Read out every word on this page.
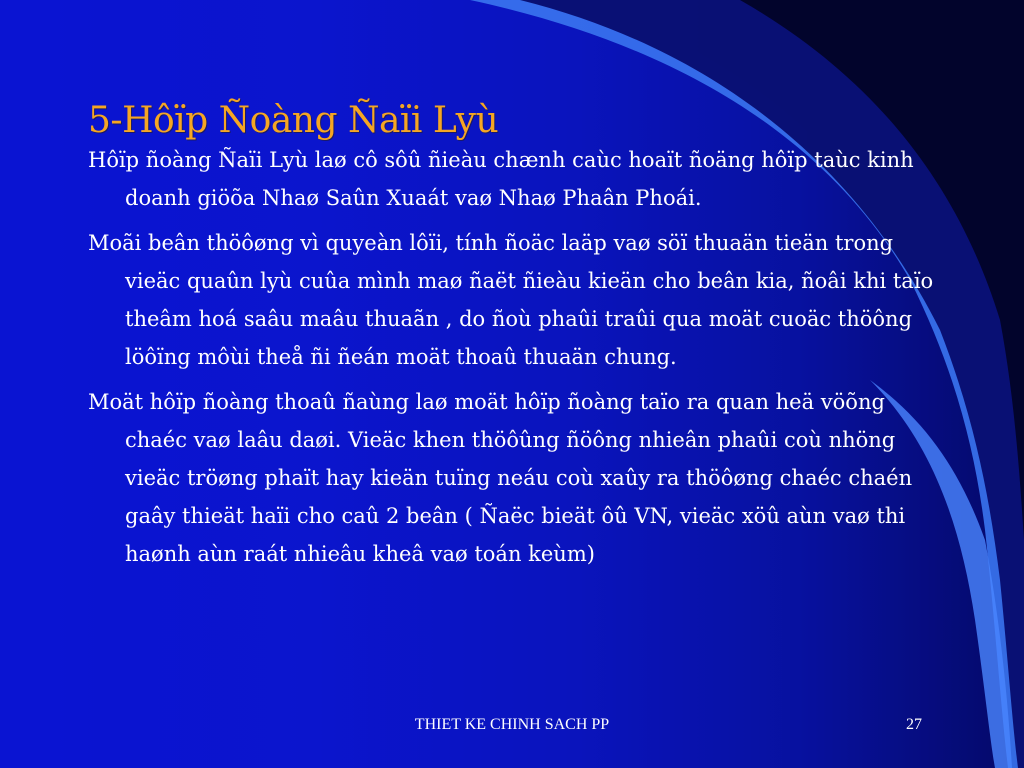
5-Hôïp Ñoàng Ñaïi Lyù

Hôïp ñoàng Ñaïi Lyù laø cô sôû ñieàu chænh caùc hoaït ñoäng hôïp taùc kinh doanh giöõa Nhaø Saûn Xuaát vaø Nhaø Phaân Phoái.

Moãi beân thöôøng vì quyeàn lôïi, tính ñoäc laäp vaø söï thuaän tieän trong vieäc quaûn lyù cuûa mình maø ñaët ñieàu kieän cho beân kia, ñoâi khi taïo theâm hoá saâu maâu thuaãn , do ñoù phaûi traûi qua moät cuoäc thöông löôïng môùi theå ñi ñeán moät thoaû thuaän chung.

Moät hôïp ñoàng thoaû ñaùng laø moät hôïp ñoàng taïo ra quan heä vöõng chaéc vaø laâu daøi. Vieäc khen thöôûng ñöông nhieân phaûi coù nhöng vieäc tröøng phaït hay kieän tuïng neáu coù xaûy ra thöôøng chaéc chaén gaây thieät haïi cho caû 2 beân ( Ñaëc bieät ôû VN, vieäc xöû aùn vaø thi haønh aùn raát nhieâu kheâ vaø toán keùm)

THIET KE CHINH SACH PP	27
